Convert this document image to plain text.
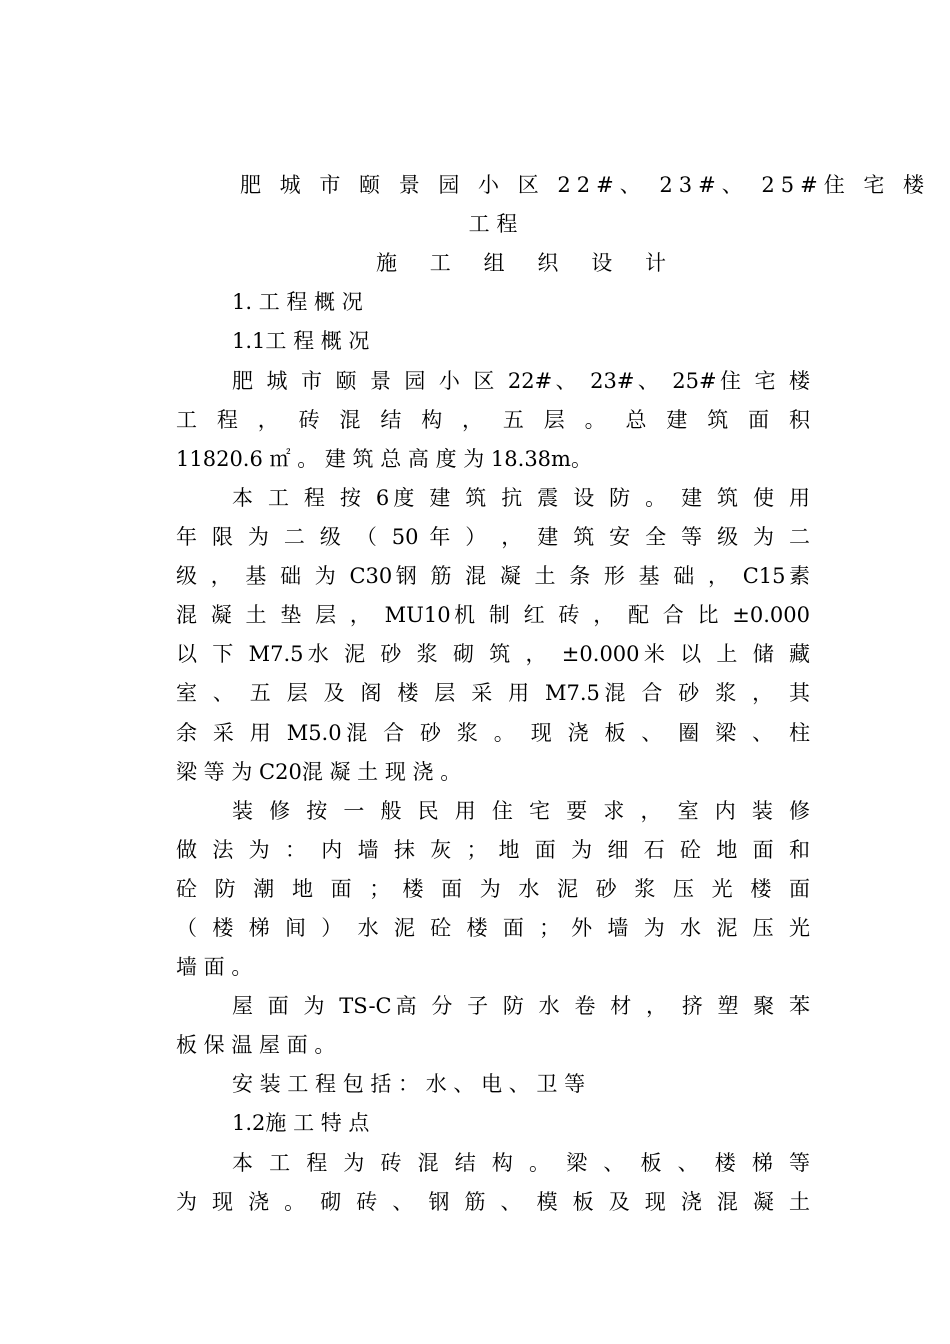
肥 城 市 颐 景 园 小 区 22#、 23#、 25#住 宅 楼
工 程
施 工 组 织 设 计
1. 工 程 概 况
1.1工 程 概 况
肥 城 市 颐 景 园 小 区 22#、 23#、 25#住 宅 楼
工 程 ， 砖 混 结 构 ， 五 层 。 总 建 筑 面 积
11820.6 ㎡ 。 建 筑 总 高 度 为 18.38m。
本 工 程 按 6度 建 筑 抗 震 设 防 。 建 筑 使 用
年 限 为 二 级 （ 50 年 ） ， 建 筑 安 全 等 级 为 二
级 ， 基 础 为 C30钢 筋 混 凝 土 条 形 基 础 ， C15素
混 凝 土 垫 层 ， MU10机 制 红 砖 ， 配 合 比 ±0.000
以 下 M7.5水 泥 砂 浆 砌 筑 ， ±0.000米 以 上 储 藏
室 、 五 层 及 阁 楼 层 采 用 M7.5混 合 砂 浆 ， 其
余 采 用 M5.0混 合 砂 浆 。 现 浇 板 、 圈 梁 、 柱
梁 等 为 C20混 凝 土 现 浇 。
装 修 按 一 般 民 用 住 宅 要 求 ， 室 内 装 修
做 法 为 ： 内 墙 抹 灰 ； 地 面 为 细 石 砼 地 面 和
砼 防 潮 地 面 ； 楼 面 为 水 泥 砂 浆 压 光 楼 面
（ 楼 梯 间 ） 水 泥 砼 楼 面 ； 外 墙 为 水 泥 压 光
墙 面 。
屋 面 为 TS-C高 分 子 防 水 卷 材 ， 挤 塑 聚 苯
板 保 温 屋 面 。
安 装 工 程 包 括 ： 水 、 电 、 卫 等
1.2施 工 特 点
本 工 程 为 砖 混 结 构 。 梁 、 板 、 楼 梯 等
为 现 浇 。 砌 砖 、 钢 筋 、 模 板 及 现 浇 混 凝 土
